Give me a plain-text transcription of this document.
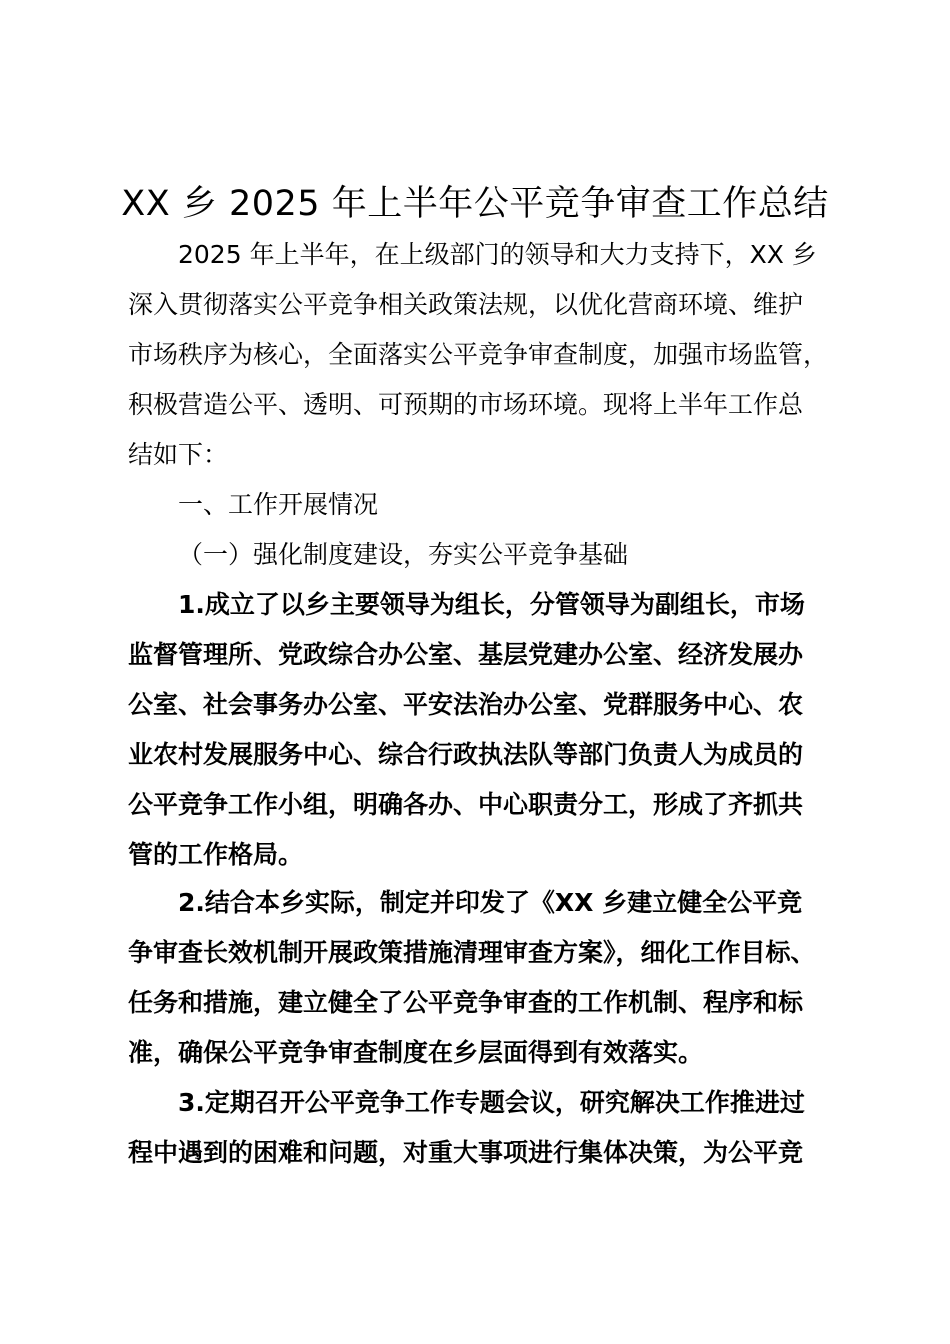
XX 乡 2025 年上半年公平竞争审查工作总结
2025 年上半年，在上级部门的领导和大力支持下，XX 乡
深入贯彻落实公平竞争相关政策法规，以优化营商环境、维护
市场秩序为核心，全面落实公平竞争审查制度，加强市场监管，
积极营造公平、透明、可预期的市场环境。现将上半年工作总
结如下：
一、工作开展情况
（一）强化制度建设，夯实公平竞争基础
1.成立了以乡主要领导为组长，分管领导为副组长，市场
监督管理所、党政综合办公室、基层党建办公室、经济发展办
公室、社会事务办公室、平安法治办公室、党群服务中心、农
业农村发展服务中心、综合行政执法队等部门负责人为成员的
公平竞争工作小组，明确各办、中心职责分工，形成了齐抓共
管的工作格局。
2.结合本乡实际，制定并印发了《XX 乡建立健全公平竞
争审查长效机制开展政策措施清理审查方案》，细化工作目标、
任务和措施，建立健全了公平竞争审查的工作机制、程序和标
准，确保公平竞争审查制度在乡层面得到有效落实。
3.定期召开公平竞争工作专题会议，研究解决工作推进过
程中遇到的困难和问题，对重大事项进行集体决策，为公平竞
